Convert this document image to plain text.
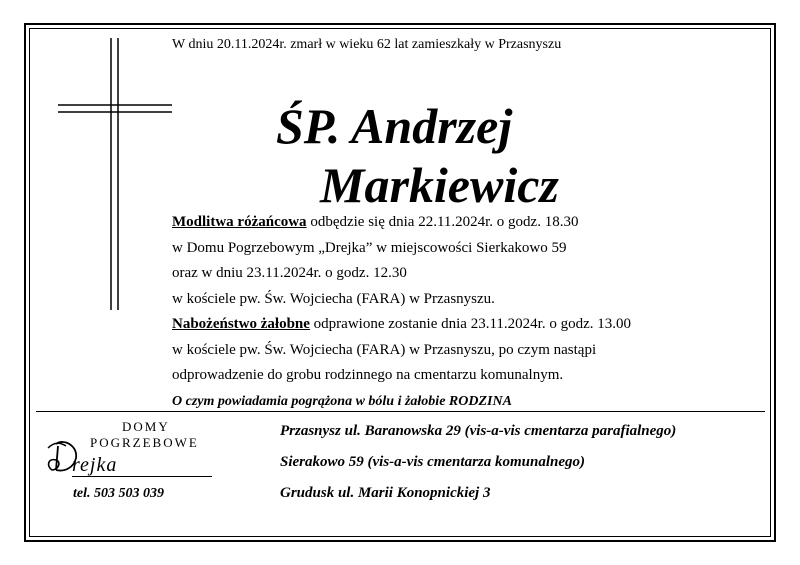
W dniu 20.11.2024r. zmarł w wieku 62 lat zamieszkały w Przasnyszu
ŚP. Andrzej
Markiewicz
Modlitwa różańcowa odbędzie się dnia 22.11.2024r. o godz. 18.30
w Domu Pogrzebowym „Drejka” w miejscowości Sierkakowo 59
oraz w dniu 23.11.2024r. o godz. 12.30
w kościele pw. Św. Wojciecha (FARA) w Przasnyszu.
Nabożeństwo żałobne odprawione zostanie dnia 23.11.2024r. o godz. 13.00
w kościele pw. Św. Wojciecha (FARA) w Przasnyszu, po czym nastąpi
odprowadzenie do grobu rodzinnego na cmentarzu komunalnym.
O czym powiadamia pogrążona w bólu i żałobie RODZINA
DOMY
POGRZEBOWE
rejka
tel. 503 503 039
Przasnysz ul. Baranowska 29 (vis-a-vis cmentarza parafialnego)
Sierakowo 59 (vis-a-vis cmentarza komunalnego)
Grudusk ul. Marii Konopnickiej 3
